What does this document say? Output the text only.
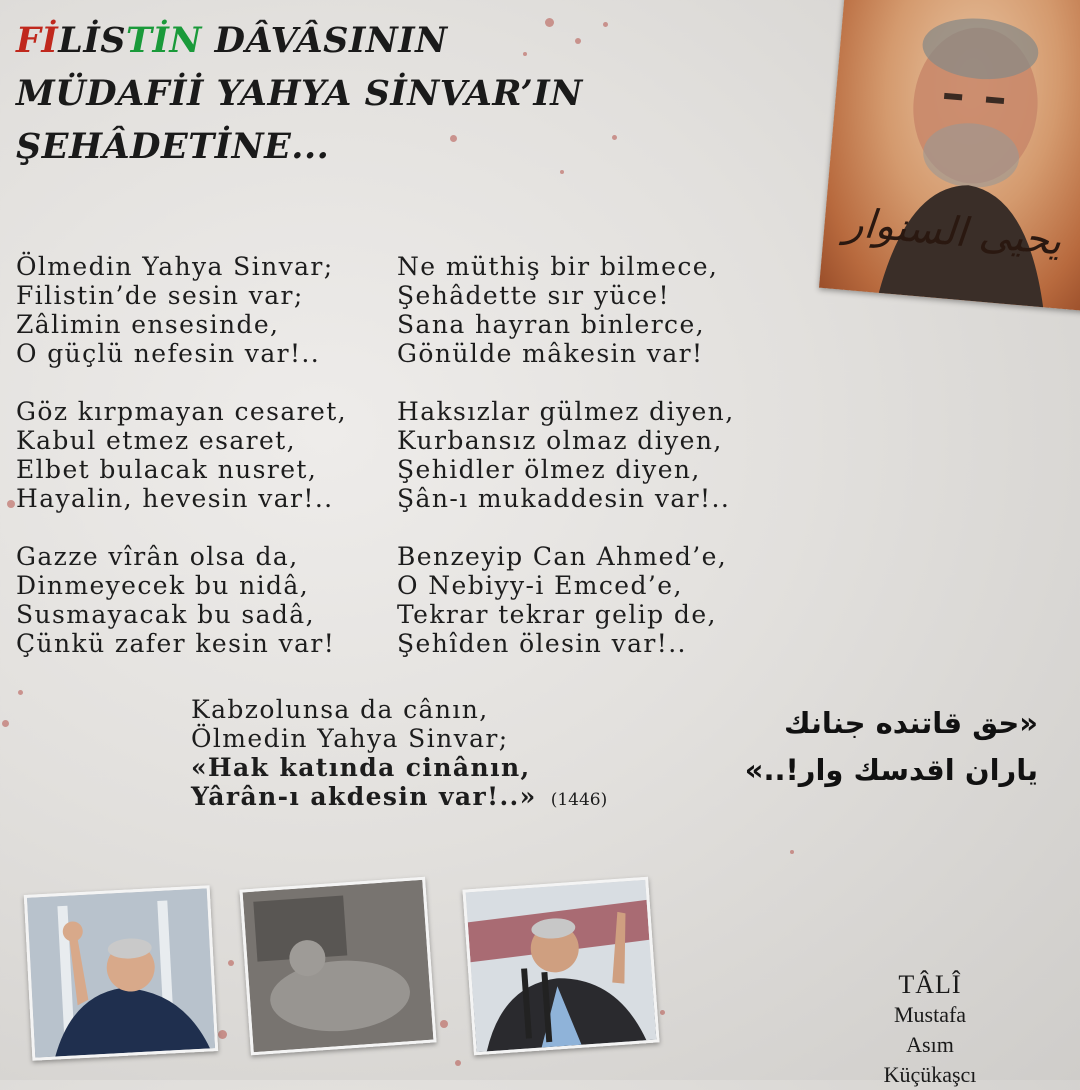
FİLİSTİN DÂVÂSININ
MÜDAFİİ YAHYA SİNVAR’IN
ŞEHÂDETİNE...
يحيى السنوار
Ölmedin Yahya Sinvar;
Filistin’de sesin var;
Zâlimin ensesinde,
O güçlü nefesin var!..
Göz kırpmayan cesaret,
Kabul etmez esaret,
Elbet bulacak nusret,
Hayalin, hevesin var!..
Gazze vîrân olsa da,
Dinmeyecek bu nidâ,
Susmayacak bu sadâ,
Çünkü zafer kesin var!
Ne müthiş bir bilmece,
Şehâdette sır yüce!
Sana hayran binlerce,
Gönülde mâkesin var!
Haksızlar gülmez diyen,
Kurbansız olmaz diyen,
Şehidler ölmez diyen,
Şân-ı mukaddesin var!..
Benzeyip Can Ahmed’e,
O Nebiyy-i Emced’e,
Tekrar tekrar gelip de,
Şehîden ölesin var!..
Kabzolunsa da cânın,
Ölmedin Yahya Sinvar;
«Hak katında cinânın,
Yârân-ı akdesin var!..» (1446)
«حق قاتنده جنانك
یاران اقدسك وار!..»
TÂLÎ
Mustafa Asım
Küçükaşcı
